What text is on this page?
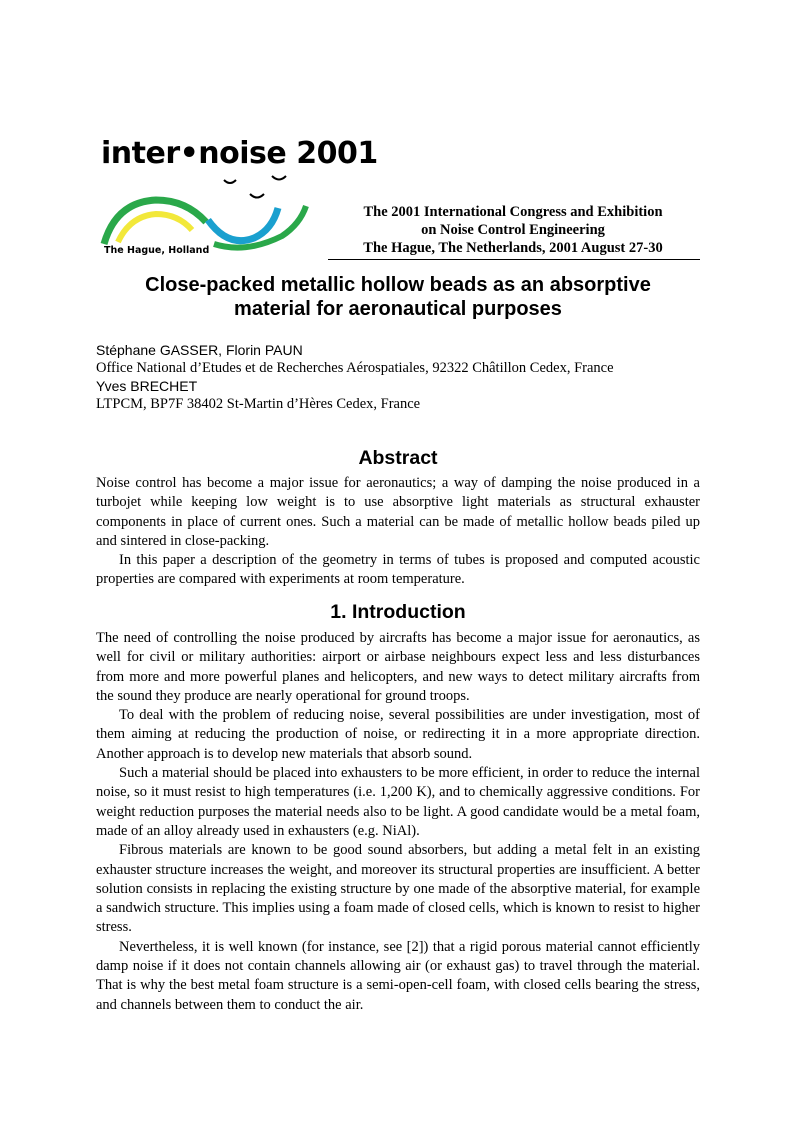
inter•noise 2001
The Hague, Holland
The 2001 International Congress and Exhibition
on Noise Control Engineering
The Hague, The Netherlands, 2001 August 27-30
Close-packed metallic hollow beads as an absorptive
material for aeronautical purposes
Stéphane GASSER, Florin PAUN
Office National d’Etudes et de Recherches Aérospatiales, 92322 Châtillon Cedex, France
Yves BRECHET
LTPCM, BP7F 38402 St-Martin d’Hères Cedex, France
Abstract

Noise control has become a major issue for aeronautics; a way of damping the noise produced in a turbojet while keeping low weight is to use absorptive light materials as structural exhauster components in place of current ones. Such a material can be made of metallic hollow beads piled up and sintered in close-packing.

In this paper a description of the geometry in terms of tubes is proposed and computed acoustic properties are compared with experiments at room temperature.

1. Introduction

The need of controlling the noise produced by aircrafts has become a major issue for aeronautics, as well for civil or military authorities: airport or airbase neighbours expect less and less disturbances from more and more powerful planes and helicopters, and new ways to detect military aircrafts from the sound they produce are nearly operational for ground troops.

To deal with the problem of reducing noise, several possibilities are under investigation, most of them aiming at reducing the production of noise, or redirecting it in a more appropriate direction. Another approach is to develop new materials that absorb sound.

Such a material should be placed into exhausters to be more efficient, in order to reduce the internal noise, so it must resist to high temperatures (i.e. 1,200 K), and to chemically aggressive conditions. For weight reduction purposes the material needs also to be light. A good candidate would be a metal foam, made of an alloy already used in exhausters (e.g. NiAl).

Fibrous materials are known to be good sound absorbers, but adding a metal felt in an existing exhauster structure increases the weight, and moreover its structural properties are insufficient. A better solution consists in replacing the existing structure by one made of the absorptive material, for example a sandwich structure. This implies using a foam made of closed cells, which is known to resist to higher stress.

Nevertheless, it is well known (for instance, see [2]) that a rigid porous material cannot efficiently damp noise if it does not contain channels allowing air (or exhaust gas) to travel through the material. That is why the best metal foam structure is a semi-open-cell foam, with closed cells bearing the stress, and channels between them to conduct the air.
